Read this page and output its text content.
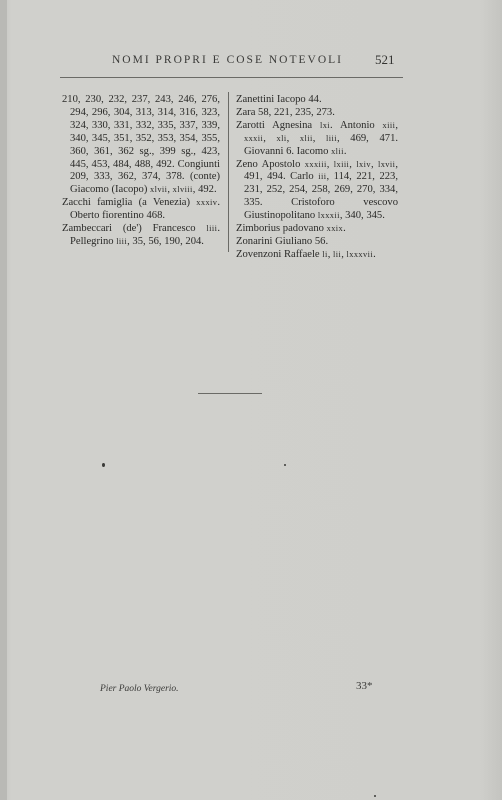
NOMI PROPRI E COSE NOTEVOLI 521

210, 230, 232, 237, 243, 246, 276, 294, 296, 304, 313, 314, 316, 323, 324, 330, 331, 332, 335, 337, 339, 340, 345, 351, 352, 353, 354, 355, 360, 361, 362 sg., 399 sg., 423, 445, 453, 484, 488, 492. Congiunti 209, 333, 362, 374, 378. (conte) Giacomo (Iacopo) xlvii, xlviii, 492.

Zacchi famiglia (a Venezia) xxxiv. Oberto fiorentino 468.

Zambeccari (de') Francesco liii. Pellegrino liii, 35, 56, 190, 204.

Zanettini Iacopo 44.

Zara 58, 221, 235, 273.

Zarotti Agnesina lxi. Antonio xiii, xxxii, xli, xlii, liii, 469, 471. Giovanni 6. Iacomo xlii.

Zeno Apostolo xxxiii, lxiii, lxiv, lxvii, 491, 494. Carlo iii, 114, 221, 223, 231, 252, 254, 258, 269, 270, 334, 335. Cristoforo vescovo Giustinopolitano lxxxii, 340, 345.

Zimborius padovano xxix.

Zonarini Giuliano 56.

Zovenzoni Raffaele li, lii, lxxxvii.

Pier Paolo Vergerio.	33*
